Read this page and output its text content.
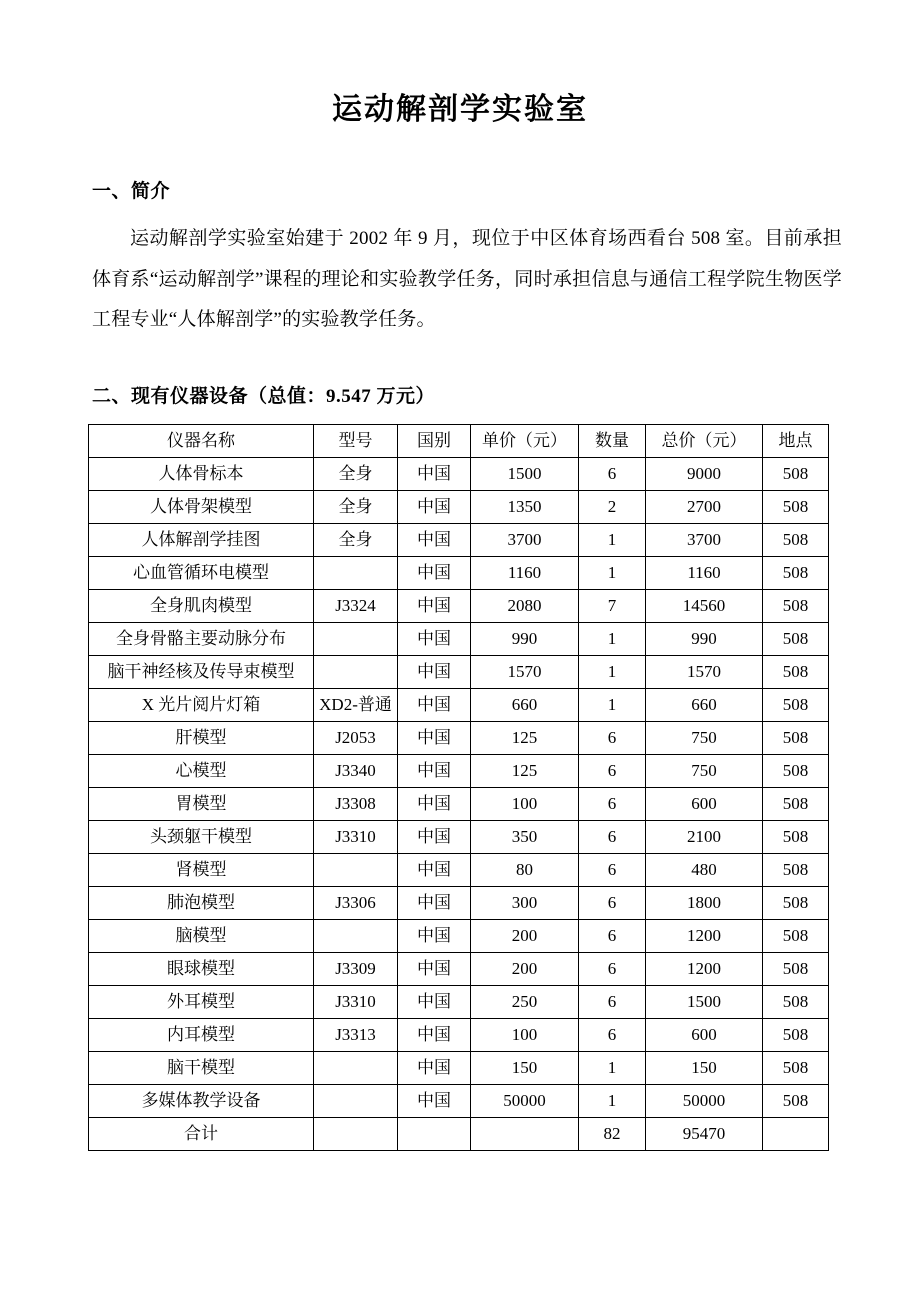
运动解剖学实验室
一、简介

运动解剖学实验室始建于 2002 年 9 月，现位于中区体育场西看台 508 室。目前承担体育系“运动解剖学”课程的理论和实验教学任务，同时承担信息与通信工程学院生物医学工程专业“人体解剖学”的实验教学任务。

二、现有仪器设备（总值：9.547 万元）
仪器名称	型号	国别	单价（元）	数量	总价（元）	地点
人体骨标本	全身	中国	1500	6	9000	508
人体骨架模型	全身	中国	1350	2	2700	508
人体解剖学挂图	全身	中国	3700	1	3700	508
心血管循环电模型		中国	1160	1	1160	508
全身肌肉模型	J3324	中国	2080	7	14560	508
全身骨骼主要动脉分布		中国	990	1	990	508
脑干神经核及传导束模型		中国	1570	1	1570	508
X 光片阅片灯箱	XD2-普通	中国	660	1	660	508
肝模型	J2053	中国	125	6	750	508
心模型	J3340	中国	125	6	750	508
胃模型	J3308	中国	100	6	600	508
头颈躯干模型	J3310	中国	350	6	2100	508
肾模型		中国	80	6	480	508
肺泡模型	J3306	中国	300	6	1800	508
脑模型		中国	200	6	1200	508
眼球模型	J3309	中国	200	6	1200	508
外耳模型	J3310	中国	250	6	1500	508
内耳模型	J3313	中国	100	6	600	508
脑干模型		中国	150	1	150	508
多媒体教学设备		中国	50000	1	50000	508
合计				82	95470	
